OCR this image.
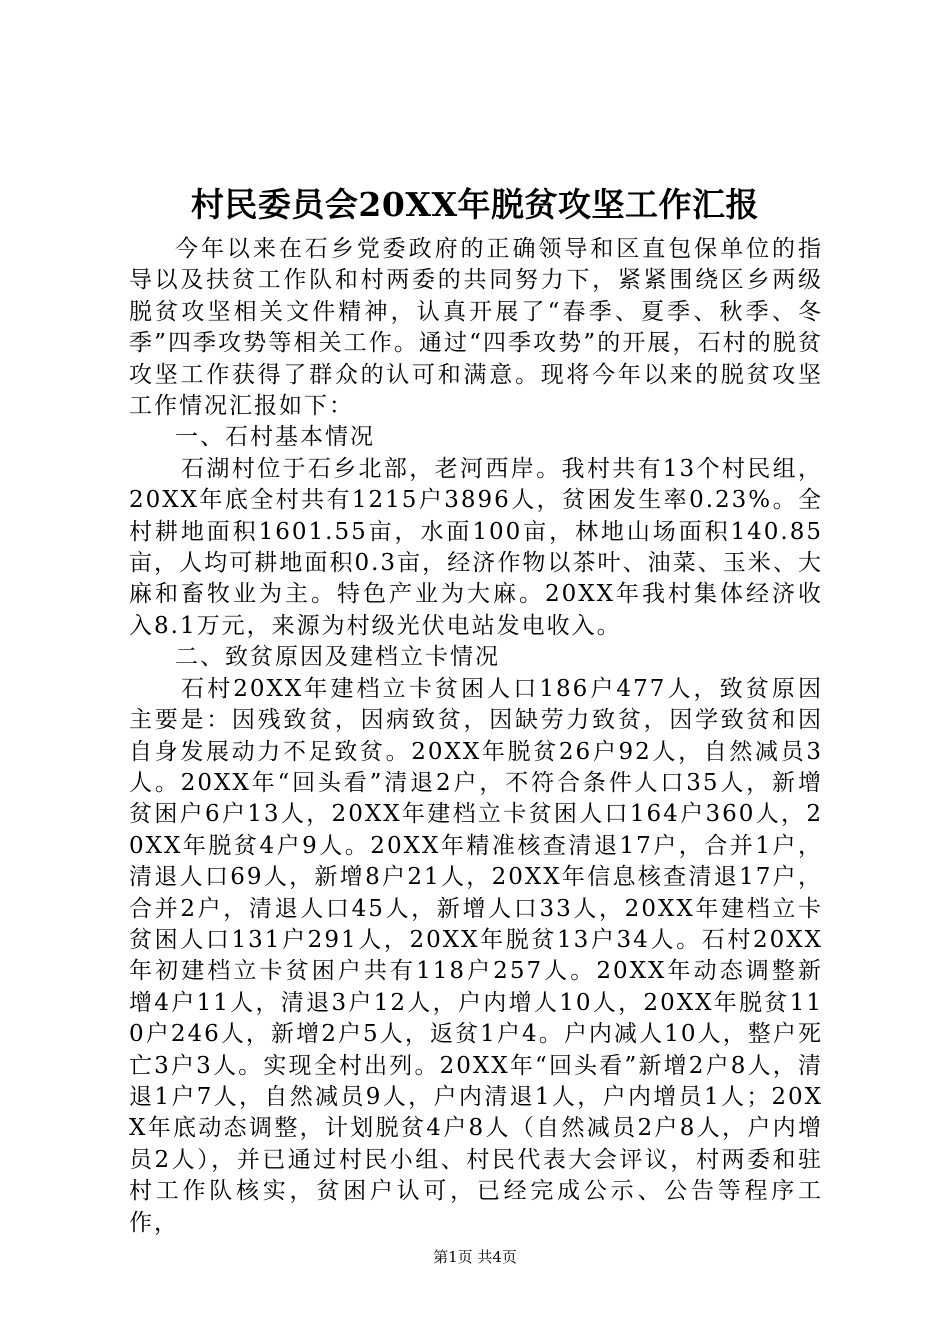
村民委员会20XX年脱贫攻坚工作汇报

今年以来在石乡党委政府的正确领导和区直包保单位的指导以及扶贫工作队和村两委的共同努力下，紧紧围绕区乡两级脱贫攻坚相关文件精神，认真开展了“春季、夏季、秋季、冬季”四季攻势等相关工作。通过“四季攻势”的开展，石村的脱贫攻坚工作获得了群众的认可和满意。现将今年以来的脱贫攻坚工作情况汇报如下：

一、石村基本情况

石湖村位于石乡北部，老河西岸。我村共有13个村民组，20XX年底全村共有1215户3896人，贫困发生率0.23%。全村耕地面积1601.55亩，水面100亩，林地山场面积140.85亩，人均可耕地面积0.3亩，经济作物以茶叶、油菜、玉米、大麻和畜牧业为主。特色产业为大麻。20XX年我村集体经济收入8.1万元，来源为村级光伏电站发电收入。

二、致贫原因及建档立卡情况

石村20XX年建档立卡贫困人口186户477人，致贫原因主要是：因残致贫，因病致贫，因缺劳力致贫，因学致贫和因自身发展动力不足致贫。20XX年脱贫26户92人，自然减员3人。20XX年“回头看”清退2户，不符合条件人口35人，新增贫困户6户13人，20XX年建档立卡贫困人口164户360人，20XX年脱贫4户9人。20XX年精准核查清退17户，合并1户，清退人口69人，新增8户21人，20XX年信息核查清退17户，合并2户，清退人口45人，新增人口33人，20XX年建档立卡贫困人口131户291人，20XX年脱贫13户34人。石村20XX年初建档立卡贫困户共有118户257人。20XX年动态调整新增4户11人，清退3户12人，户内增人10人，20XX年脱贫110户246人，新增2户5人，返贫1户4。户内减人10人，整户死亡3户3人。实现全村出列。20XX年“回头看”新增2户8人，清退1户7人，自然减员9人，户内清退1人，户内增员1人；20XX年底动态调整，计划脱贫4户8人（自然减员2户8人，户内增员2人），并已通过村民小组、村民代表大会评议，村两委和驻村工作队核实，贫困户认可，已经完成公示、公告等程序工作，

第1页 共4页
